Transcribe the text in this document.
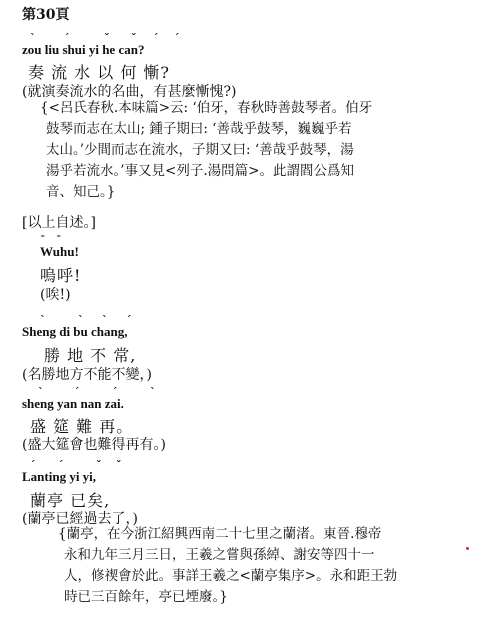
第30頁
ˋ	ˊ	ˇ ˇ ˊ ˊ
zou liu shui yi he can?
奏 流 水 以 何 慚?
(就演奏流水的名曲，有甚麼慚愧?)
{<呂氏春秋.本味篇>云: ‘伯牙，春秋時善鼓琴者。伯牙
鼓琴而志在太山; 鍾子期曰: ‘善哉乎鼓琴，巍巍乎若
太山。’少間而志在流水，子期又曰: ‘善哉乎鼓琴，湯
湯乎若流水。’事又見<列子.湯問篇>。此謂閻公爲知
音、知己。}
[以上自述。]
ˉ ˉ
Wuhu!
嗚呼!
(唉!)
ˋ	ˋ ˋ ˊ
Sheng di bu chang,
勝 地 不 常,
(名勝地方不能不變，)
ˋ	ˊ	ˊ	ˋ
sheng yan nan zai.
盛 筵 難 再。
(盛大筵會也難得再有。)
ˊ ˊ	ˇ ˇ
Lanting yi yi,
蘭亭 已矣,
(蘭亭已經過去了，)
{蘭亭，在今浙江紹興西南二十七里之蘭渚。東晉.穆帝
永和九年三月三日，王羲之嘗與孫綽、謝安等四十一
人，修禊會於此。事詳王羲之<蘭亭集序>。永和距王勃
時已三百餘年，亭已堙廢。}
